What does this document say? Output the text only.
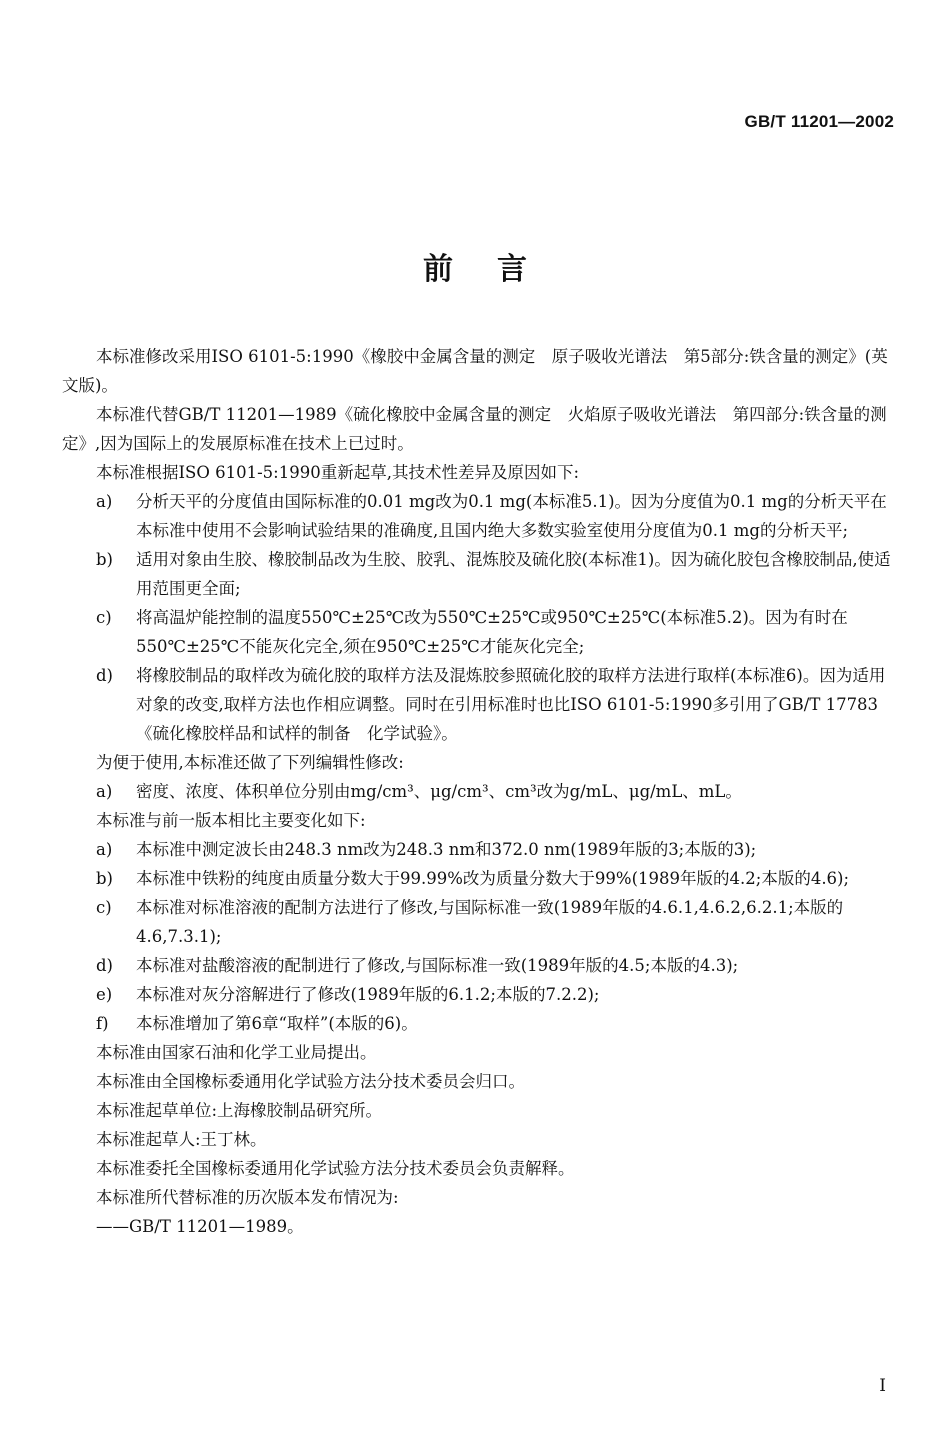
GB/T 11201—2002
前言

本标准修改采用ISO 6101-5:1990《橡胶中金属含量的测定　原子吸收光谱法　第5部分:铁含量的测定》(英文版)。

本标准代替GB/T 11201—1989《硫化橡胶中金属含量的测定　火焰原子吸收光谱法　第四部分:铁含量的测定》,因为国际上的发展原标准在技术上已过时。

本标准根据ISO 6101-5:1990重新起草,其技术性差异及原因如下:

a) 分析天平的分度值由国际标准的0.01 mg改为0.1 mg(本标准5.1)。因为分度值为0.1 mg的分析天平在本标准中使用不会影响试验结果的准确度,且国内绝大多数实验室使用分度值为0.1 mg的分析天平;

b) 适用对象由生胶、橡胶制品改为生胶、胶乳、混炼胶及硫化胶(本标准1)。因为硫化胶包含橡胶制品,使适用范围更全面;

c) 将高温炉能控制的温度550℃±25℃改为550℃±25℃或950℃±25℃(本标准5.2)。因为有时在550℃±25℃不能灰化完全,须在950℃±25℃才能灰化完全;

d) 将橡胶制品的取样改为硫化胶的取样方法及混炼胶参照硫化胶的取样方法进行取样(本标准6)。因为适用对象的改变,取样方法也作相应调整。同时在引用标准时也比ISO 6101-5:1990多引用了GB/T 17783《硫化橡胶样品和试样的制备　化学试验》。

为便于使用,本标准还做了下列编辑性修改:

a) 密度、浓度、体积单位分别由mg/cm³、μg/cm³、cm³改为g/mL、μg/mL、mL。

本标准与前一版本相比主要变化如下:

a) 本标准中测定波长由248.3 nm改为248.3 nm和372.0 nm(1989年版的3;本版的3);

b) 本标准中铁粉的纯度由质量分数大于99.99%改为质量分数大于99%(1989年版的4.2;本版的4.6);

c) 本标准对标准溶液的配制方法进行了修改,与国际标准一致(1989年版的4.6.1,4.6.2,6.2.1;本版的4.6,7.3.1);

d) 本标准对盐酸溶液的配制进行了修改,与国际标准一致(1989年版的4.5;本版的4.3);

e) 本标准对灰分溶解进行了修改(1989年版的6.1.2;本版的7.2.2);

f) 本标准增加了第6章“取样”(本版的6)。

本标准由国家石油和化学工业局提出。

本标准由全国橡标委通用化学试验方法分技术委员会归口。

本标准起草单位:上海橡胶制品研究所。

本标准起草人:王丁林。

本标准委托全国橡标委通用化学试验方法分技术委员会负责解释。

本标准所代替标准的历次版本发布情况为:

——GB/T 11201—1989。

I
